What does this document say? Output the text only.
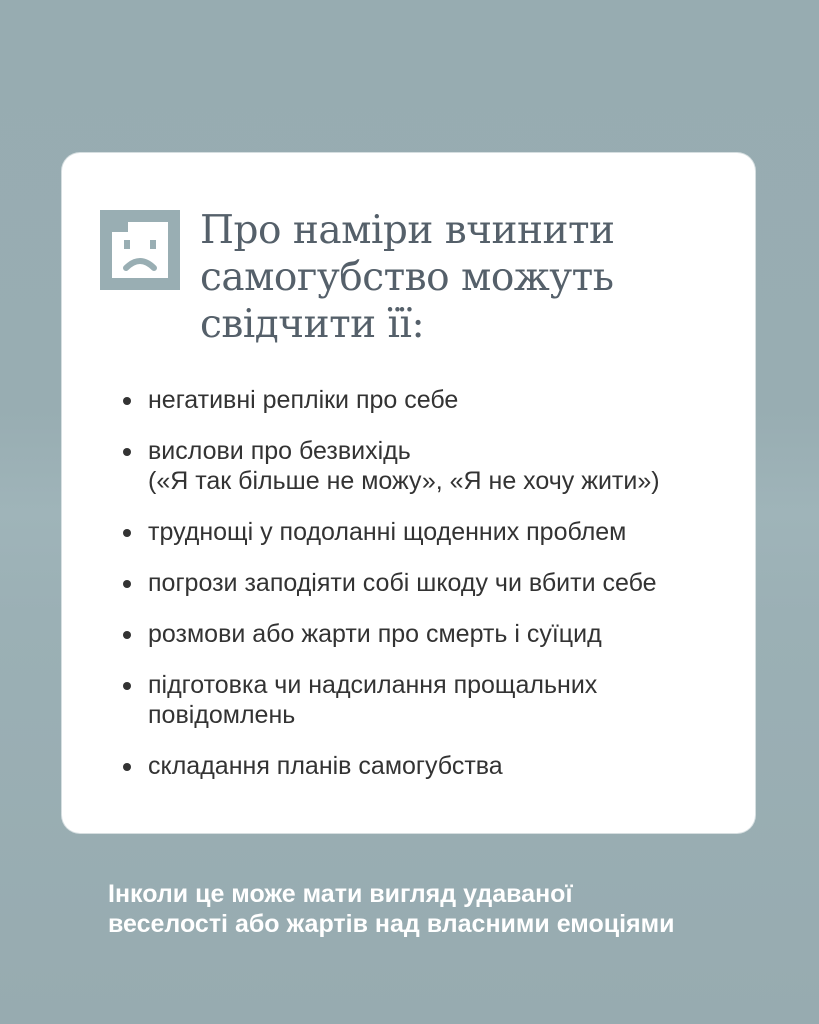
Про наміри вчинити
самогубство можуть
свідчити її:
негативні репліки про себе
вислови про безвихідь
(«Я так більше не можу», «Я не хочу жити»)
труднощі у подоланні щоденних проблем
погрози заподіяти собі шкоду чи вбити себе
розмови або жарти про смерть і суїцид
підготовка чи надсилання прощальних
повідомлень
складання планів самогубства
Інколи це може мати вигляд удаваної
веселості або жартів над власними емоціями
